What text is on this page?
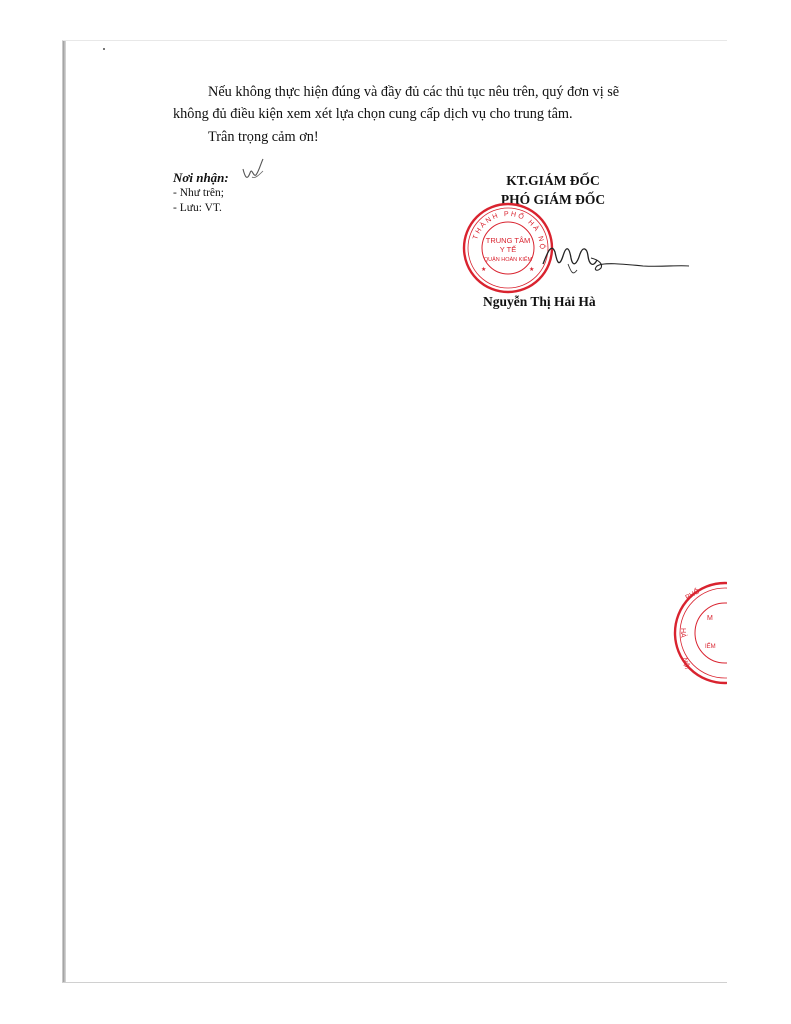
Nếu không thực hiện đúng và đầy đủ các thủ tục nêu trên, quý đơn vị sẽ
không đủ điều kiện xem xét lựa chọn cung cấp dịch vụ cho trung tâm.
Trân trọng cảm ơn!
Nơi nhận:
- Như trên;
- Lưu: VT.
KT.GIÁM ĐỐC
PHÓ GIÁM ĐỐC
THÀNH PHỐ HÀ NỘ
TRUNG TÂM
Y TẾ
QUẬN HOÀN KIẾM
★	★
Nguyễn Thị Hải Hà
PHỐ
M
HÀ
IẾM
NỘI
